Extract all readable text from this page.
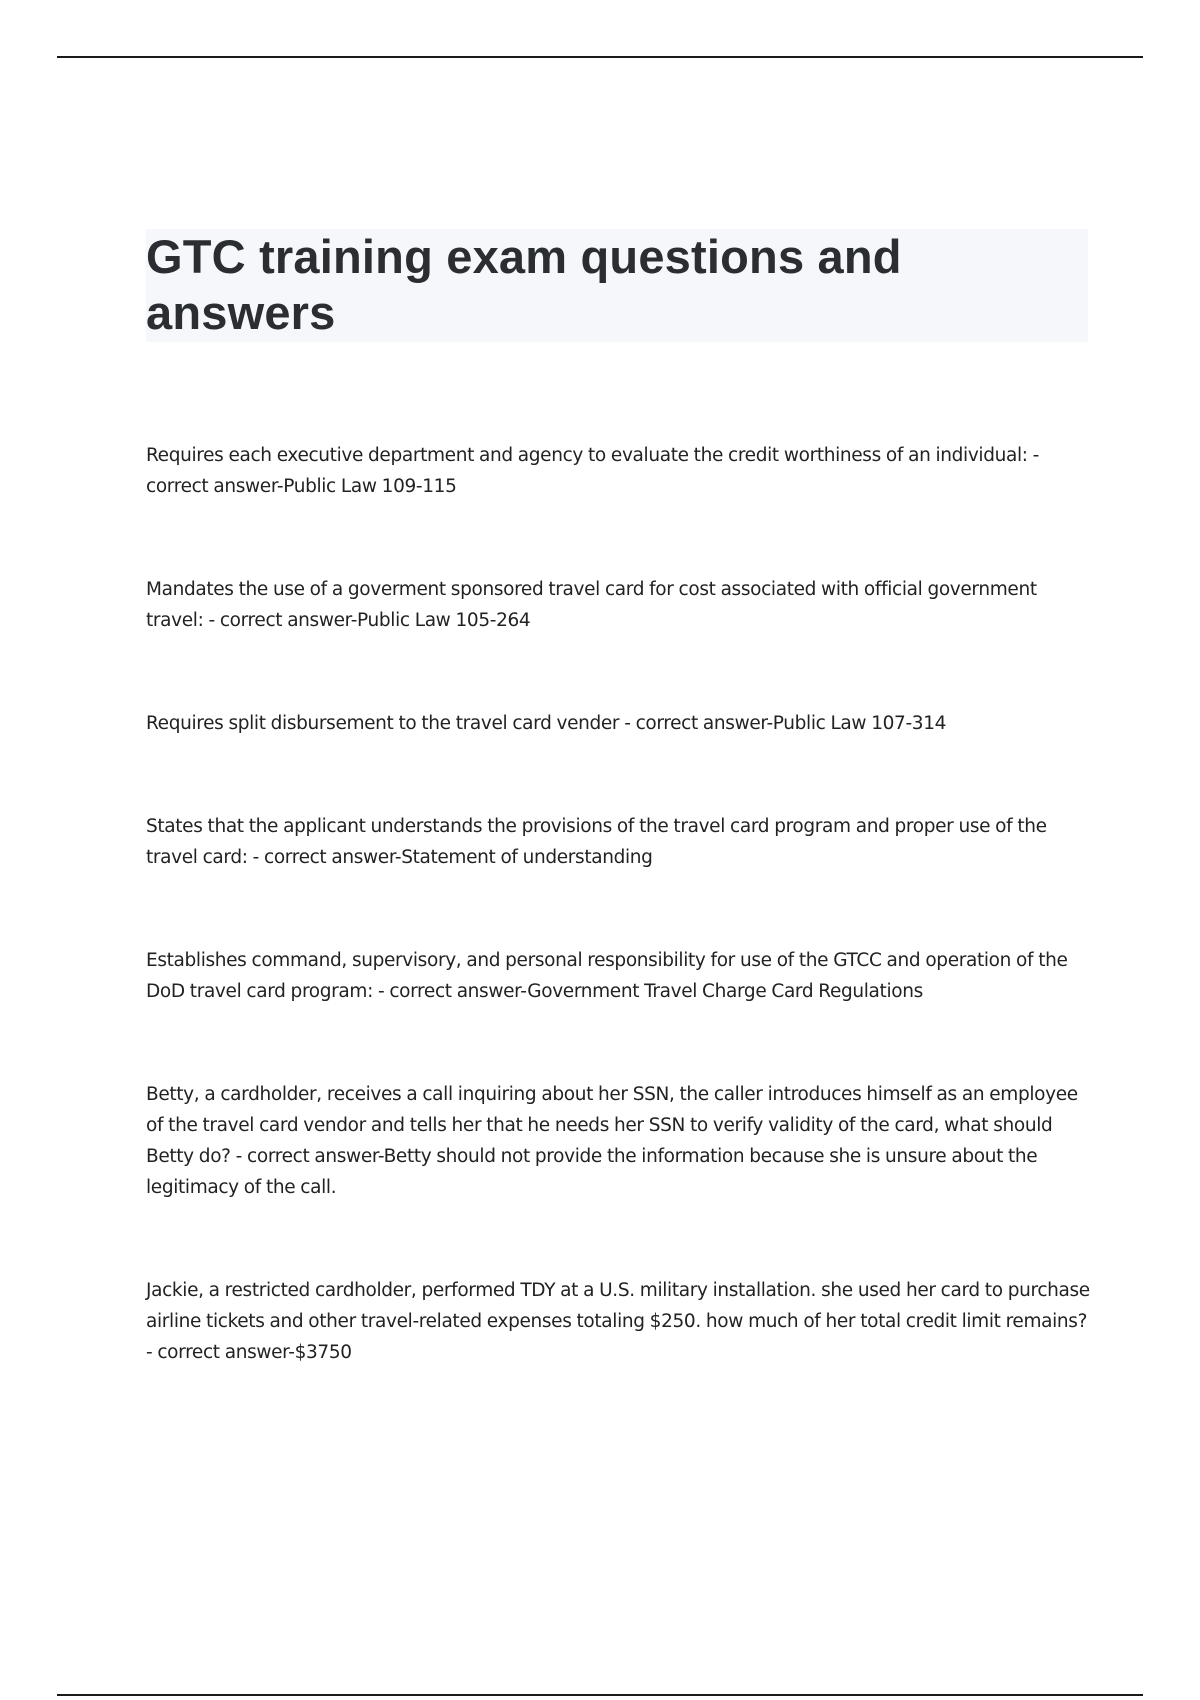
GTC training exam questions and answers
Requires each executive department and agency to evaluate the credit worthiness of an individual: - correct answer-Public Law 109-115
Mandates the use of a goverment sponsored travel card for cost associated with official government travel: - correct answer-Public Law 105-264
Requires split disbursement to the travel card vender - correct answer-Public Law 107-314
States that the applicant understands the provisions of the travel card program and proper use of the travel card: - correct answer-Statement of understanding
Establishes command, supervisory, and personal responsibility for use of the GTCC and operation of the DoD travel card program: - correct answer-Government Travel Charge Card Regulations
Betty, a cardholder, receives a call inquiring about her SSN, the caller introduces himself as an employee of the travel card vendor and tells her that he needs her SSN to verify validity of the card, what should Betty do? - correct answer-Betty should not provide the information because she is unsure about the legitimacy of the call.
Jackie, a restricted cardholder, performed TDY at a U.S. military installation. she used her card to purchase airline tickets and other travel-related expenses totaling $250. how much of her total credit limit remains? - correct answer-$3750
